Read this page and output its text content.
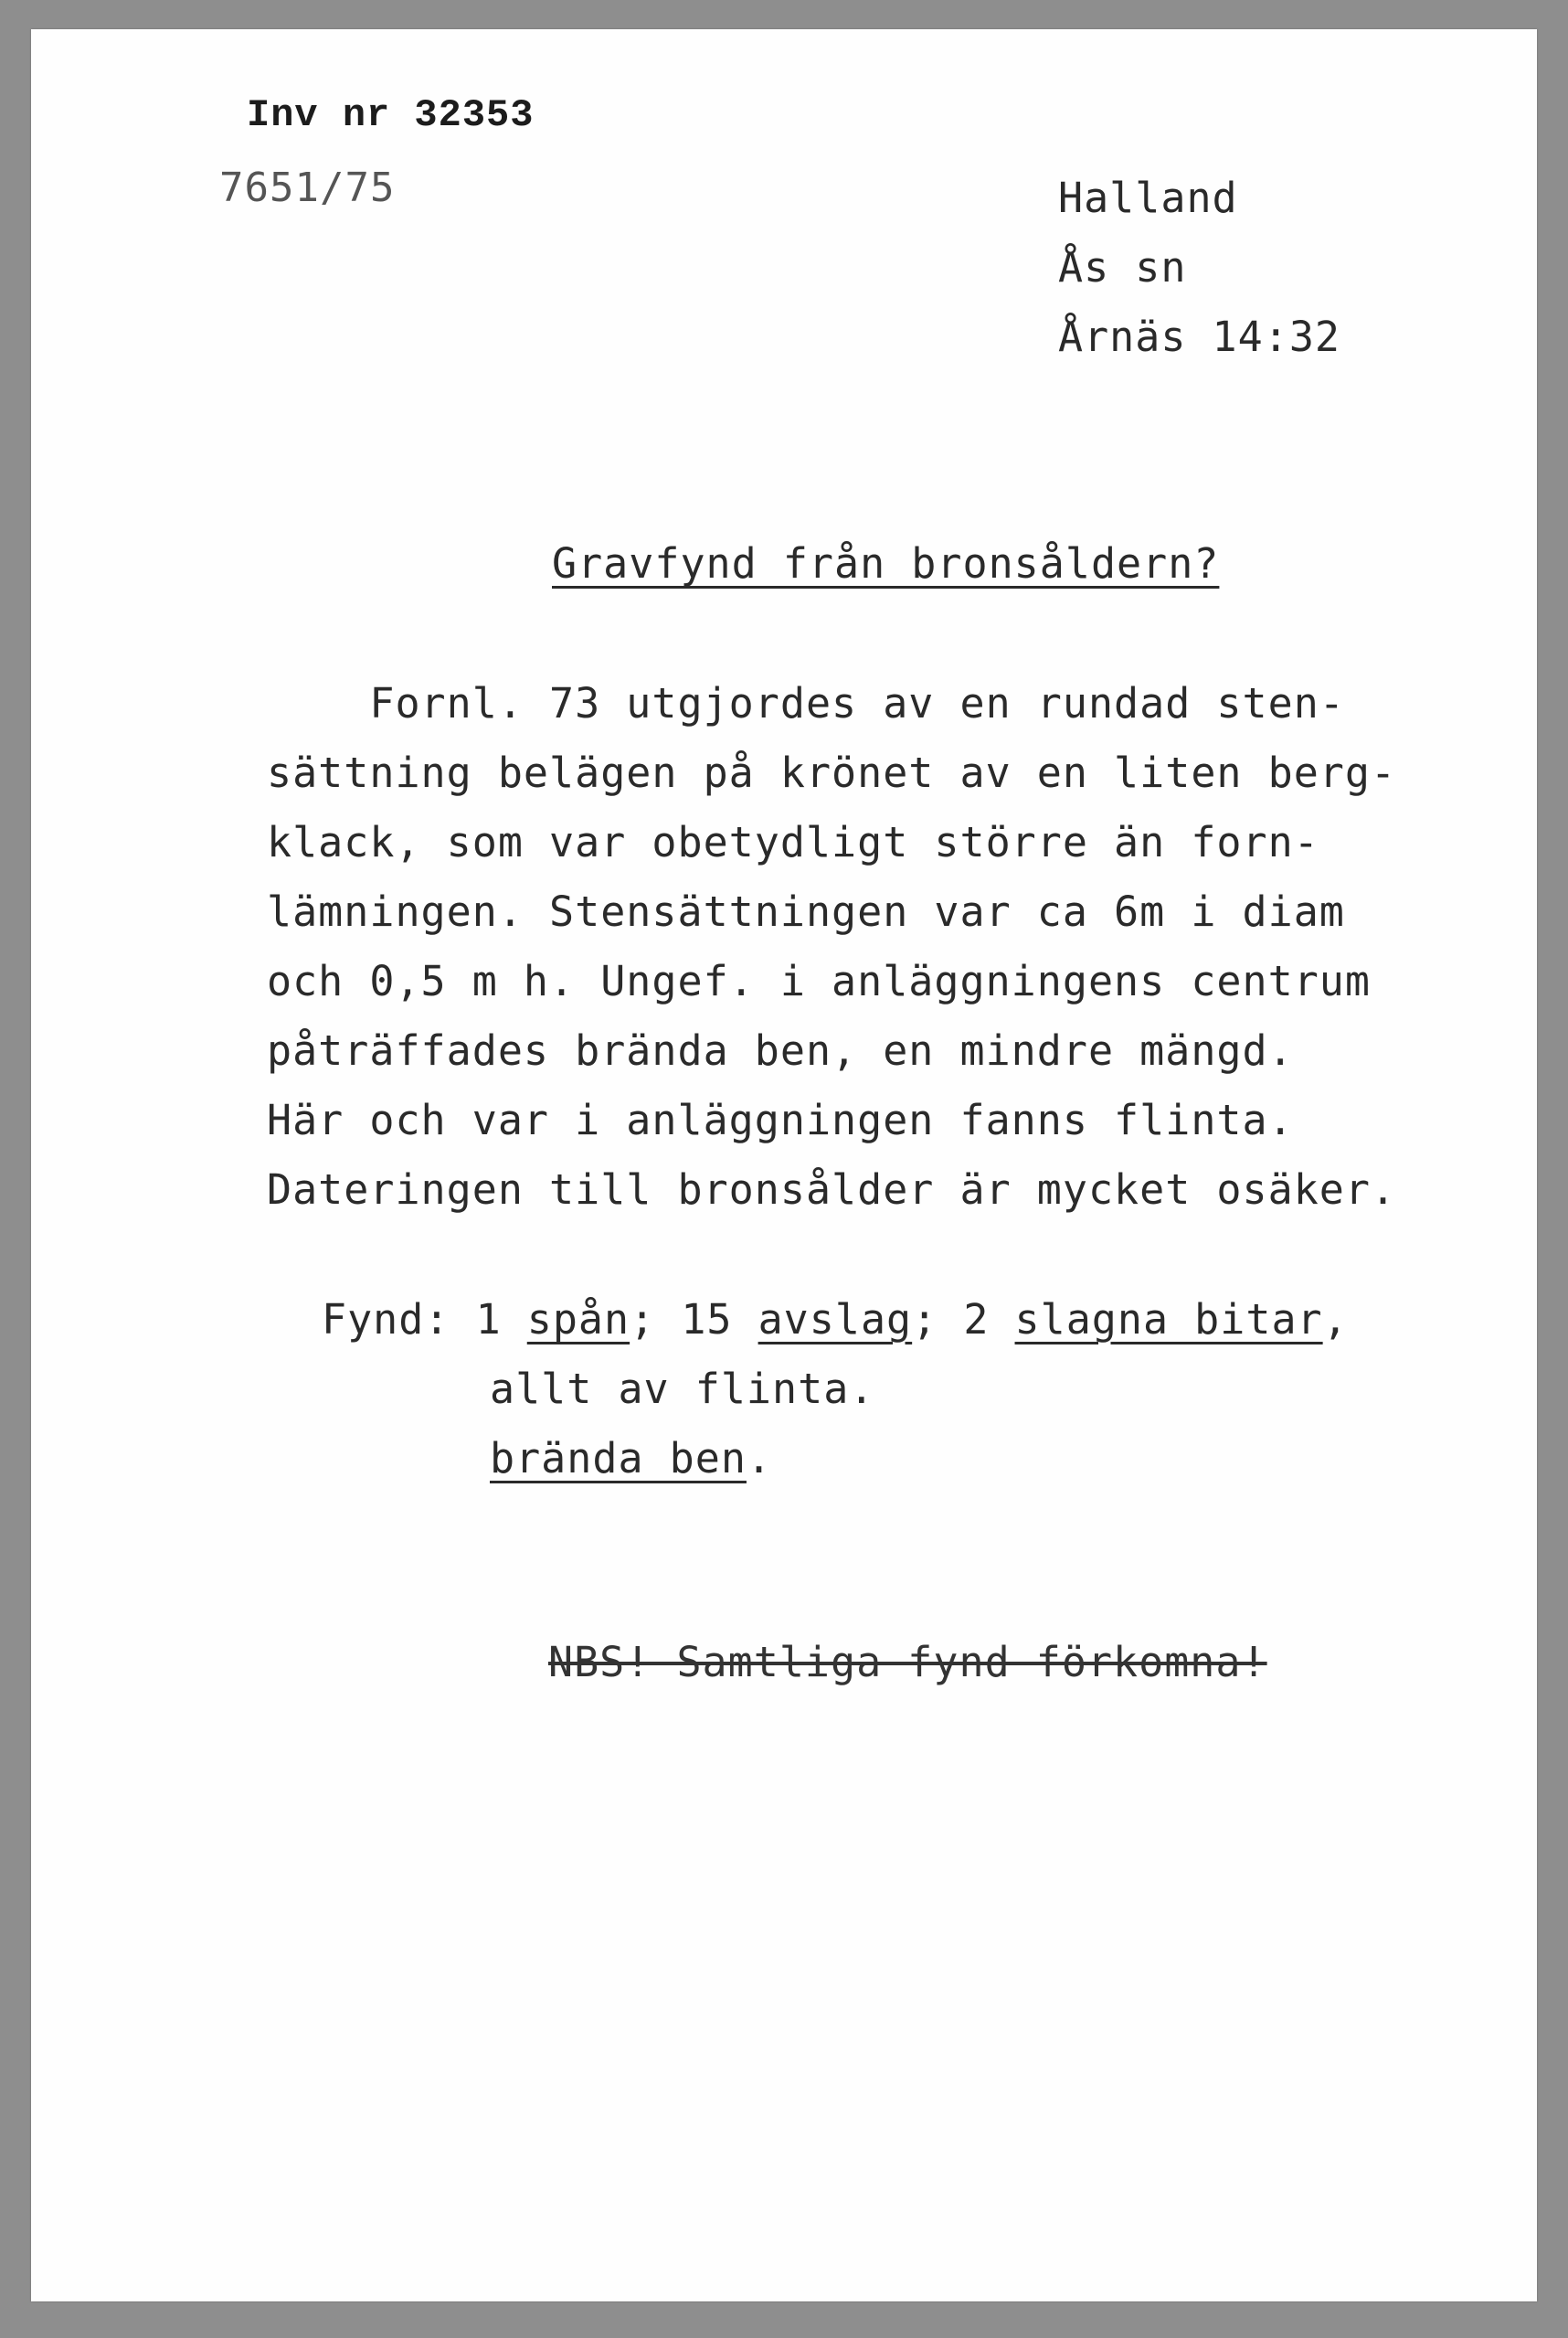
Inv nr 32353
7651/75	Halland
Ås sn
Årnäs 14:32
Gravfynd från bronsåldern?
Fornl. 73 utgjordes av en rundad sten-
sättning belägen på krönet av en liten berg-
klack, som var obetydligt större än forn-
lämningen. Stensättningen var ca 6m i diam
och 0,5 m h. Ungef. i anläggningens centrum
påträffades brända ben, en mindre mängd.
Här och var i anläggningen fanns flinta.
Dateringen till bronsålder är mycket osäker.
Fynd: 1 spån; 15 avslag; 2 slagna bitar,
allt av flinta.
brända ben.
NBS! Samtliga fynd förkomna!
